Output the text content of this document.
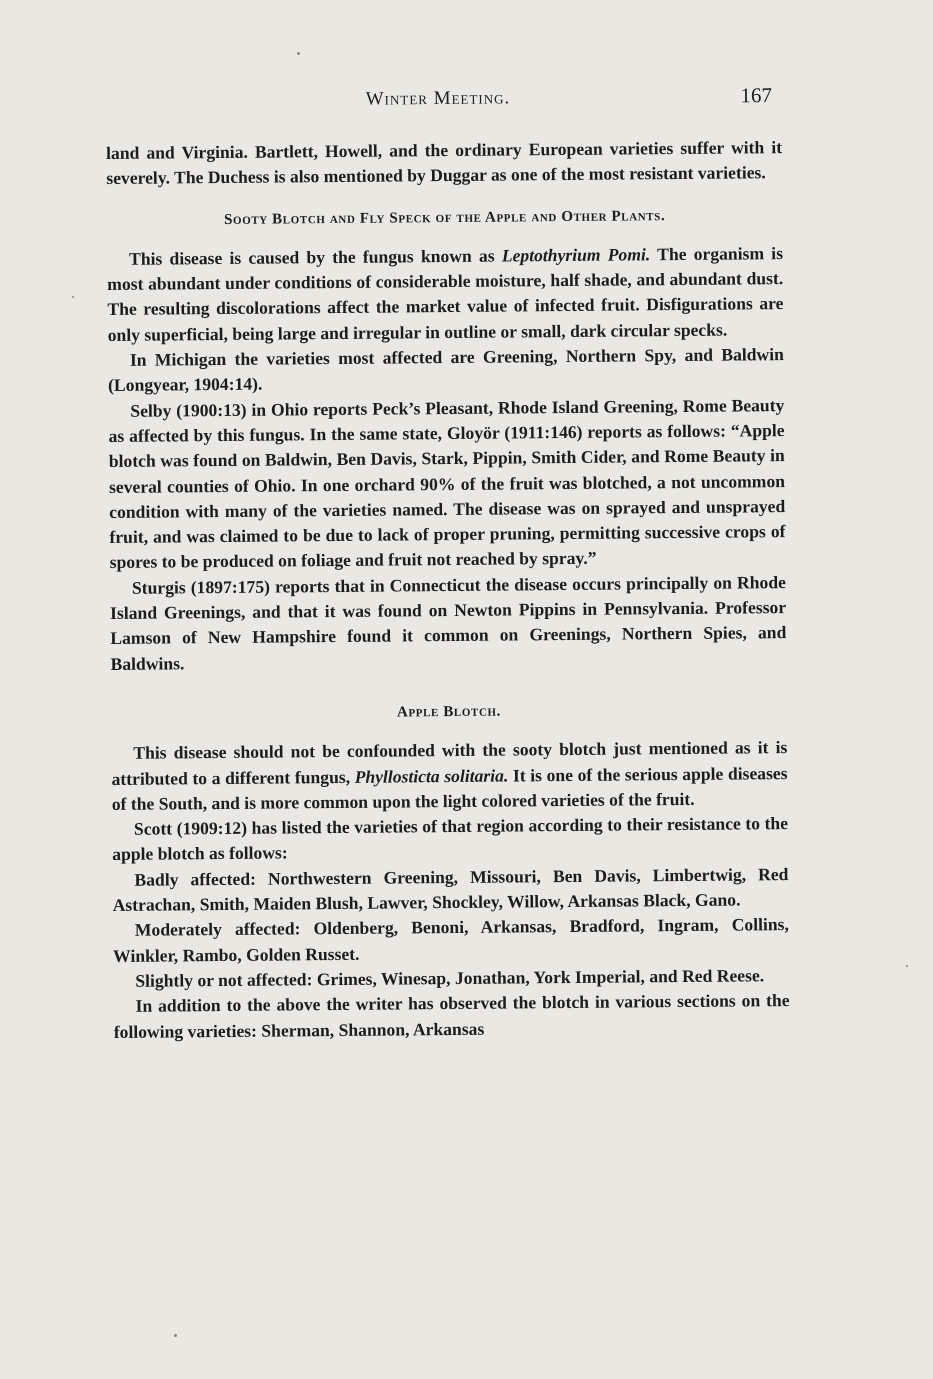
Winter Meeting.	167

land and Virginia. Bartlett, Howell, and the ordinary European varieties suffer with it severely. The Duchess is also mentioned by Duggar as one of the most resistant varieties.

Sooty Blotch and Fly Speck of the Apple and Other Plants.

This disease is caused by the fungus known as Leptothyrium Pomi. The organism is most abundant under conditions of considerable moisture, half shade, and abundant dust. The resulting discolorations affect the market value of infected fruit. Disfigurations are only superficial, being large and irregular in outline or small, dark circular specks.

In Michigan the varieties most affected are Greening, Northern Spy, and Baldwin (Longyear, 1904:14).

Selby (1900:13) in Ohio reports Peck’s Pleasant, Rhode Island Greening, Rome Beauty as affected by this fungus. In the same state, Gloyör (1911:146) reports as follows: “Apple blotch was found on Baldwin, Ben Davis, Stark, Pippin, Smith Cider, and Rome Beauty in several counties of Ohio. In one orchard 90% of the fruit was blotched, a not uncommon condition with many of the varieties named. The disease was on sprayed and unsprayed fruit, and was claimed to be due to lack of proper pruning, permitting successive crops of spores to be produced on foliage and fruit not reached by spray.”

Sturgis (1897:175) reports that in Connecticut the disease occurs principally on Rhode Island Greenings, and that it was found on Newton Pippins in Pennsylvania. Professor Lamson of New Hampshire found it common on Greenings, Northern Spies, and Baldwins.

Apple Blotch.

This disease should not be confounded with the sooty blotch just mentioned as it is attributed to a different fungus, Phyllosticta solitaria. It is one of the serious apple diseases of the South, and is more common upon the light colored varieties of the fruit.

Scott (1909:12) has listed the varieties of that region according to their resistance to the apple blotch as follows:

Badly affected: Northwestern Greening, Missouri, Ben Davis, Limbertwig, Red Astrachan, Smith, Maiden Blush, Lawver, Shockley, Willow, Arkansas Black, Gano.

Moderately affected: Oldenberg, Benoni, Arkansas, Bradford, Ingram, Collins, Winkler, Rambo, Golden Russet.

Slightly or not affected: Grimes, Winesap, Jonathan, York Imperial, and Red Reese.

In addition to the above the writer has observed the blotch in various sections on the following varieties: Sherman, Shannon, Arkansas
